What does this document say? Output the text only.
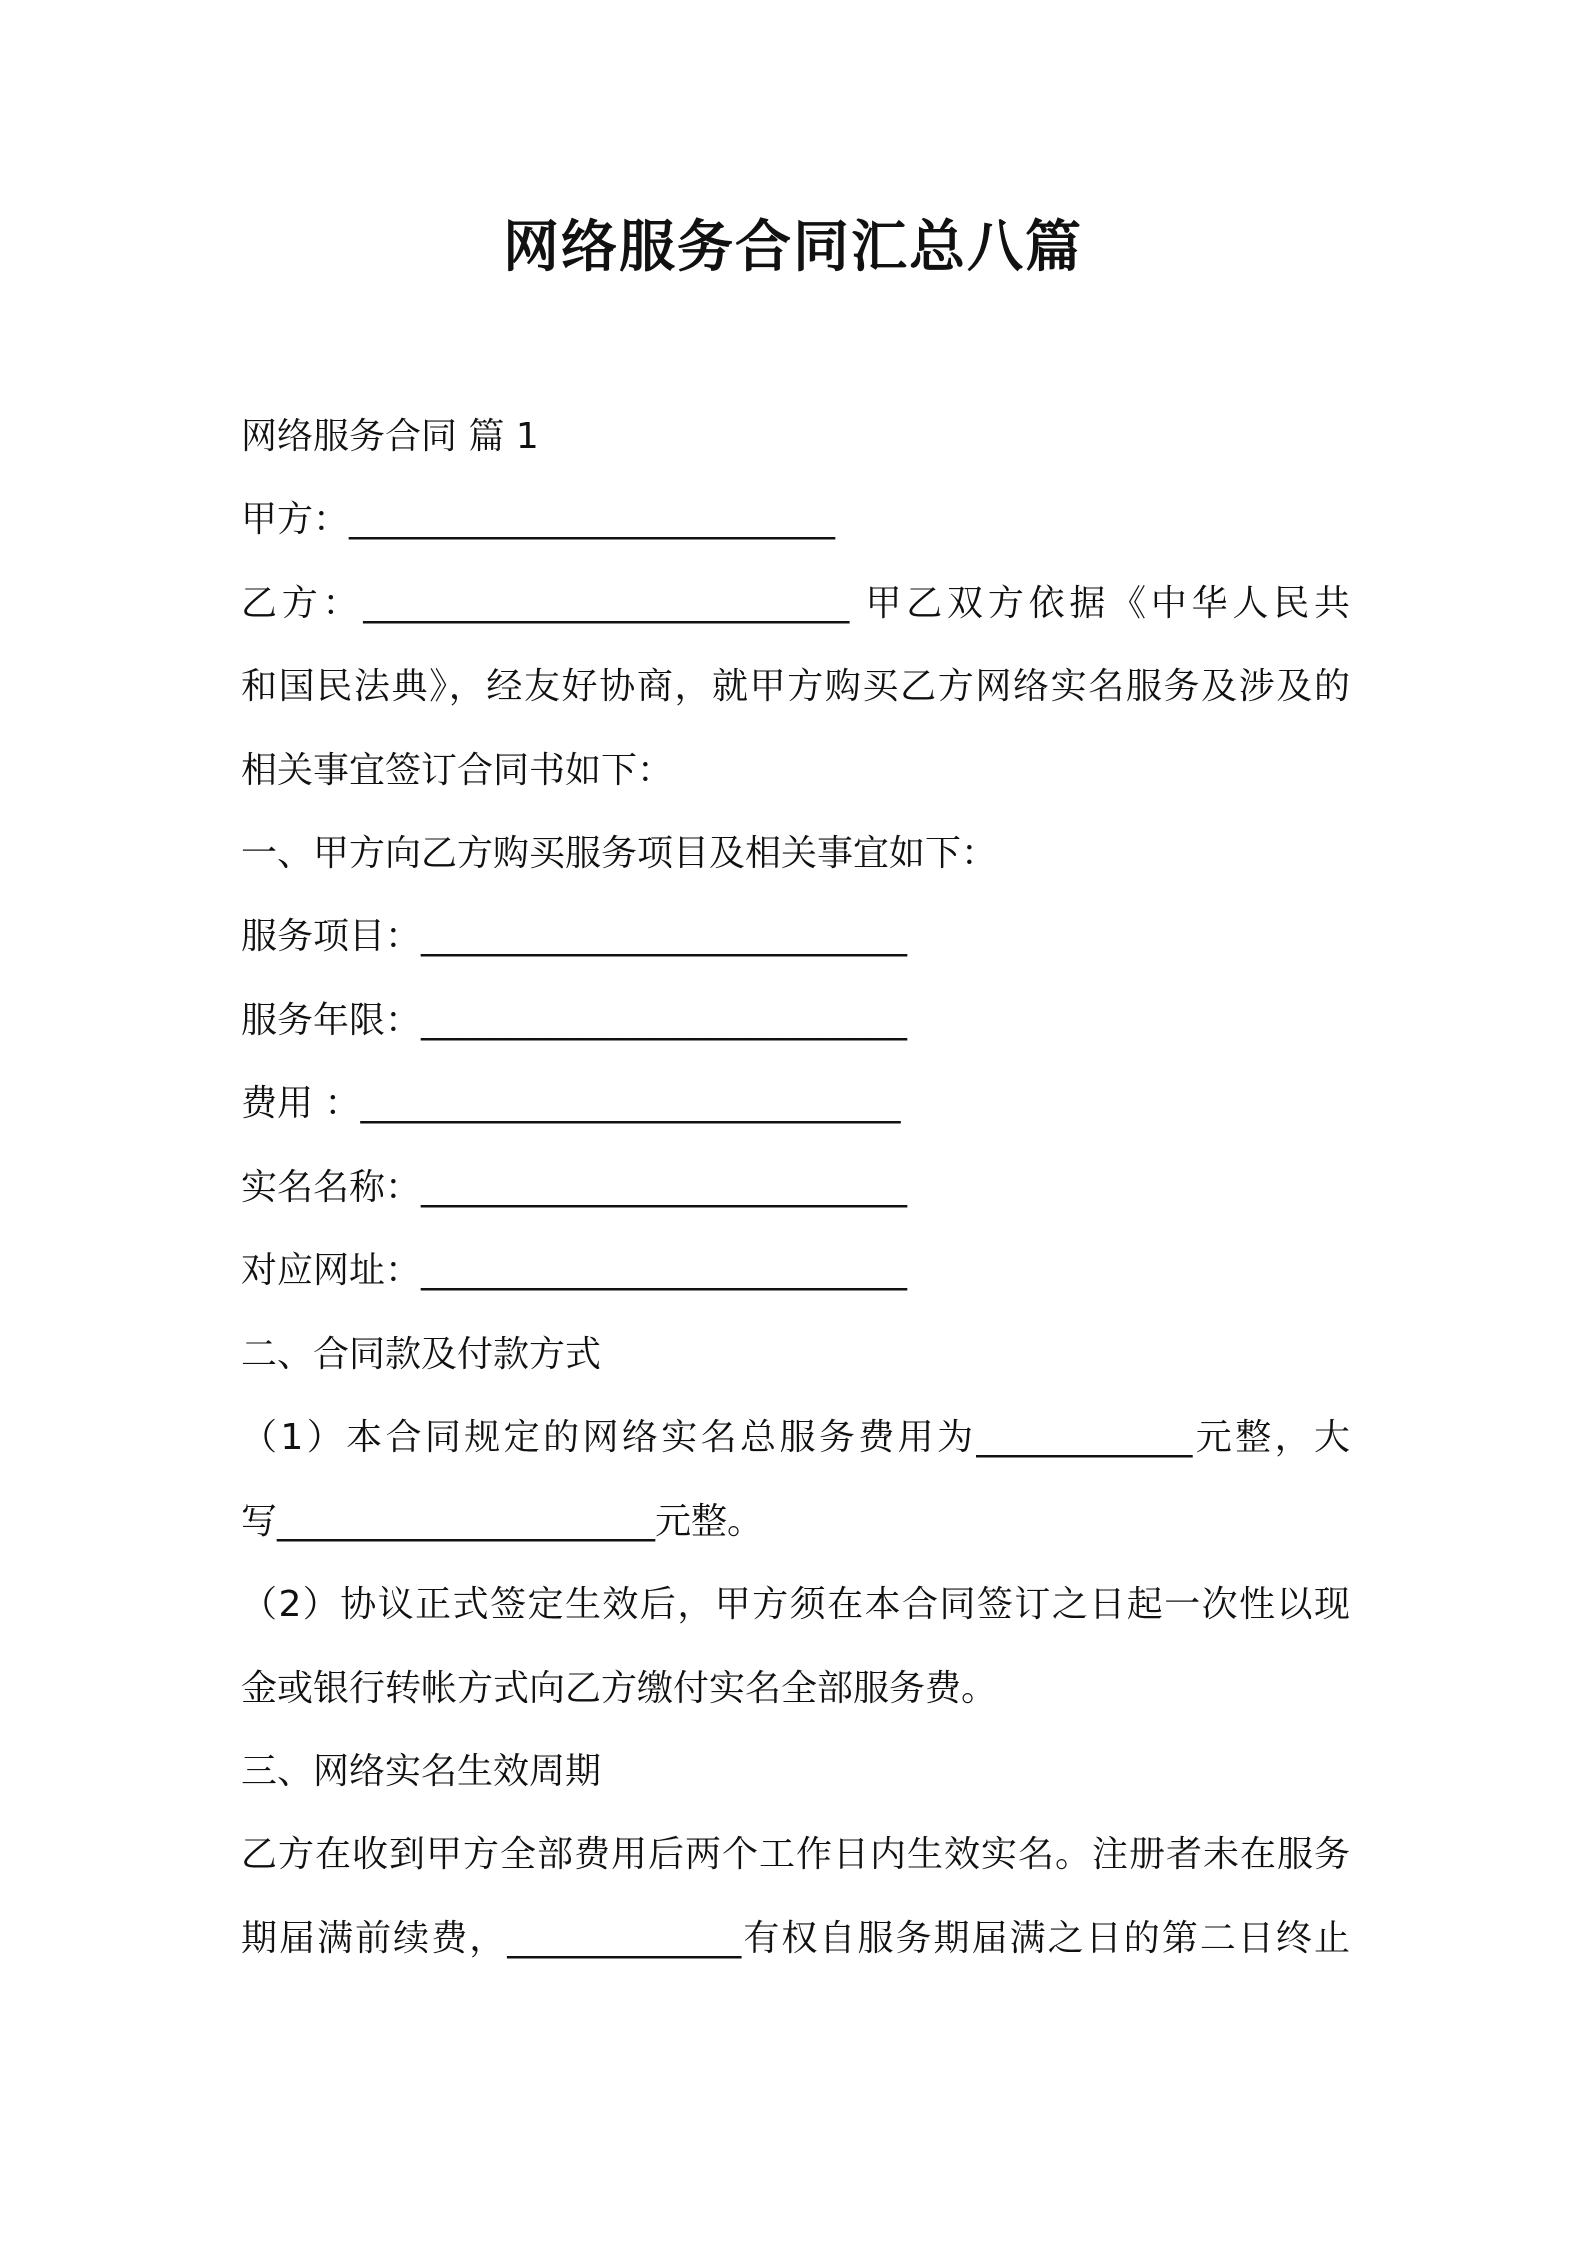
网络服务合同汇总八篇
网络服务合同 篇 1
甲方：___________________________
乙方：___________________________ 甲乙双方依据《中华人民共
和国民法典》，经友好协商，就甲方购买乙方网络实名服务及涉及的
相关事宜签订合同书如下：
一、甲方向乙方购买服务项目及相关事宜如下：
服务项目：___________________________
服务年限：___________________________
费用 ：______________________________
实名名称：___________________________
对应网址：___________________________
二、合同款及付款方式
（1）本合同规定的网络实名总服务费用为____________元整，大
写_____________________元整。
（2）协议正式签定生效后，甲方须在本合同签订之日起一次性以现
金或银行转帐方式向乙方缴付实名全部服务费。
三、网络实名生效周期
乙方在收到甲方全部费用后两个工作日内生效实名。注册者未在服务
期届满前续费，_____________有权自服务期届满之日的第二日终止
